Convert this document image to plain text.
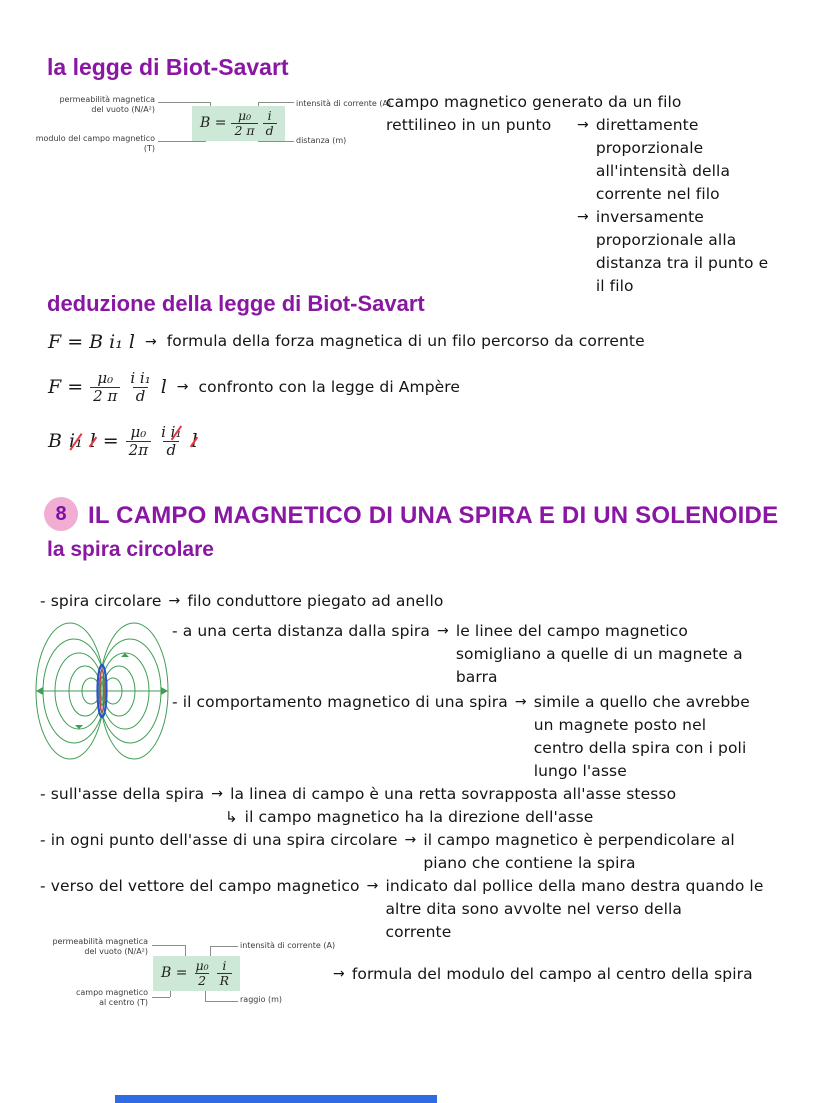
la legge di Biot-Savart
permeabilità magnetica
del vuoto (N/A²)
intensità di corrente (A)
modulo del campo magnetico (T)
distanza (m)
$B = \frac{\text{μ₀}}{2 \pi} \frac{i}{d}$
campo magnetico generato da un filo
rettilineo in un punto	→ direttamente
proporzionale
all'intensità della
corrente nel filo
→ inversamente
proporzionale alla
distanza tra il punto e
il filo
deduzione della legge di Biot-Savart
F = B i₁ l → formula della forza magnetica di un filo percorso da corrente
$F = \frac{\text{μ₀}}{2 \pi} \frac{\text{i i₁}}{d}$ l → confronto con la legge di Ampère
B i₁ $l = \frac{\text{μ₀}}{2\pi} \frac{\text{i i₁}}{d}$ l
8 IL CAMPO MAGNETICO DI UNA SPIRA E DI UN SOLENOIDE
la spira circolare
- spira circolare → filo conduttore piegato ad anello
- a una certa distanza dalla spira → le linee del campo magnetico
somigliano a quelle di un magnete a
barra
- il comportamento magnetico di una spira → simile a quello che avrebbe
un magnete posto nel
centro della spira con i poli
lungo l'asse
- sull'asse della spira → la linea di campo è una retta sovrapposta all'asse stesso
↳ il campo magnetico ha la direzione dell'asse
- in ogni punto dell'asse di una spira circolare → il campo magnetico è perpendicolare al
piano che contiene la spira
- verso del vettore del campo magnetico → indicato dal pollice della mano destra quando le
altre dita sono avvolte nel verso della
corrente
permeabilità magnetica
del vuoto (N/A²)
intensità di corrente (A)
campo magnetico
al centro (T)	raggio (m)
$B = \frac{\text{μ₀}}{2} \frac{i}{R}$	→ formula del modulo del campo al centro della spira
